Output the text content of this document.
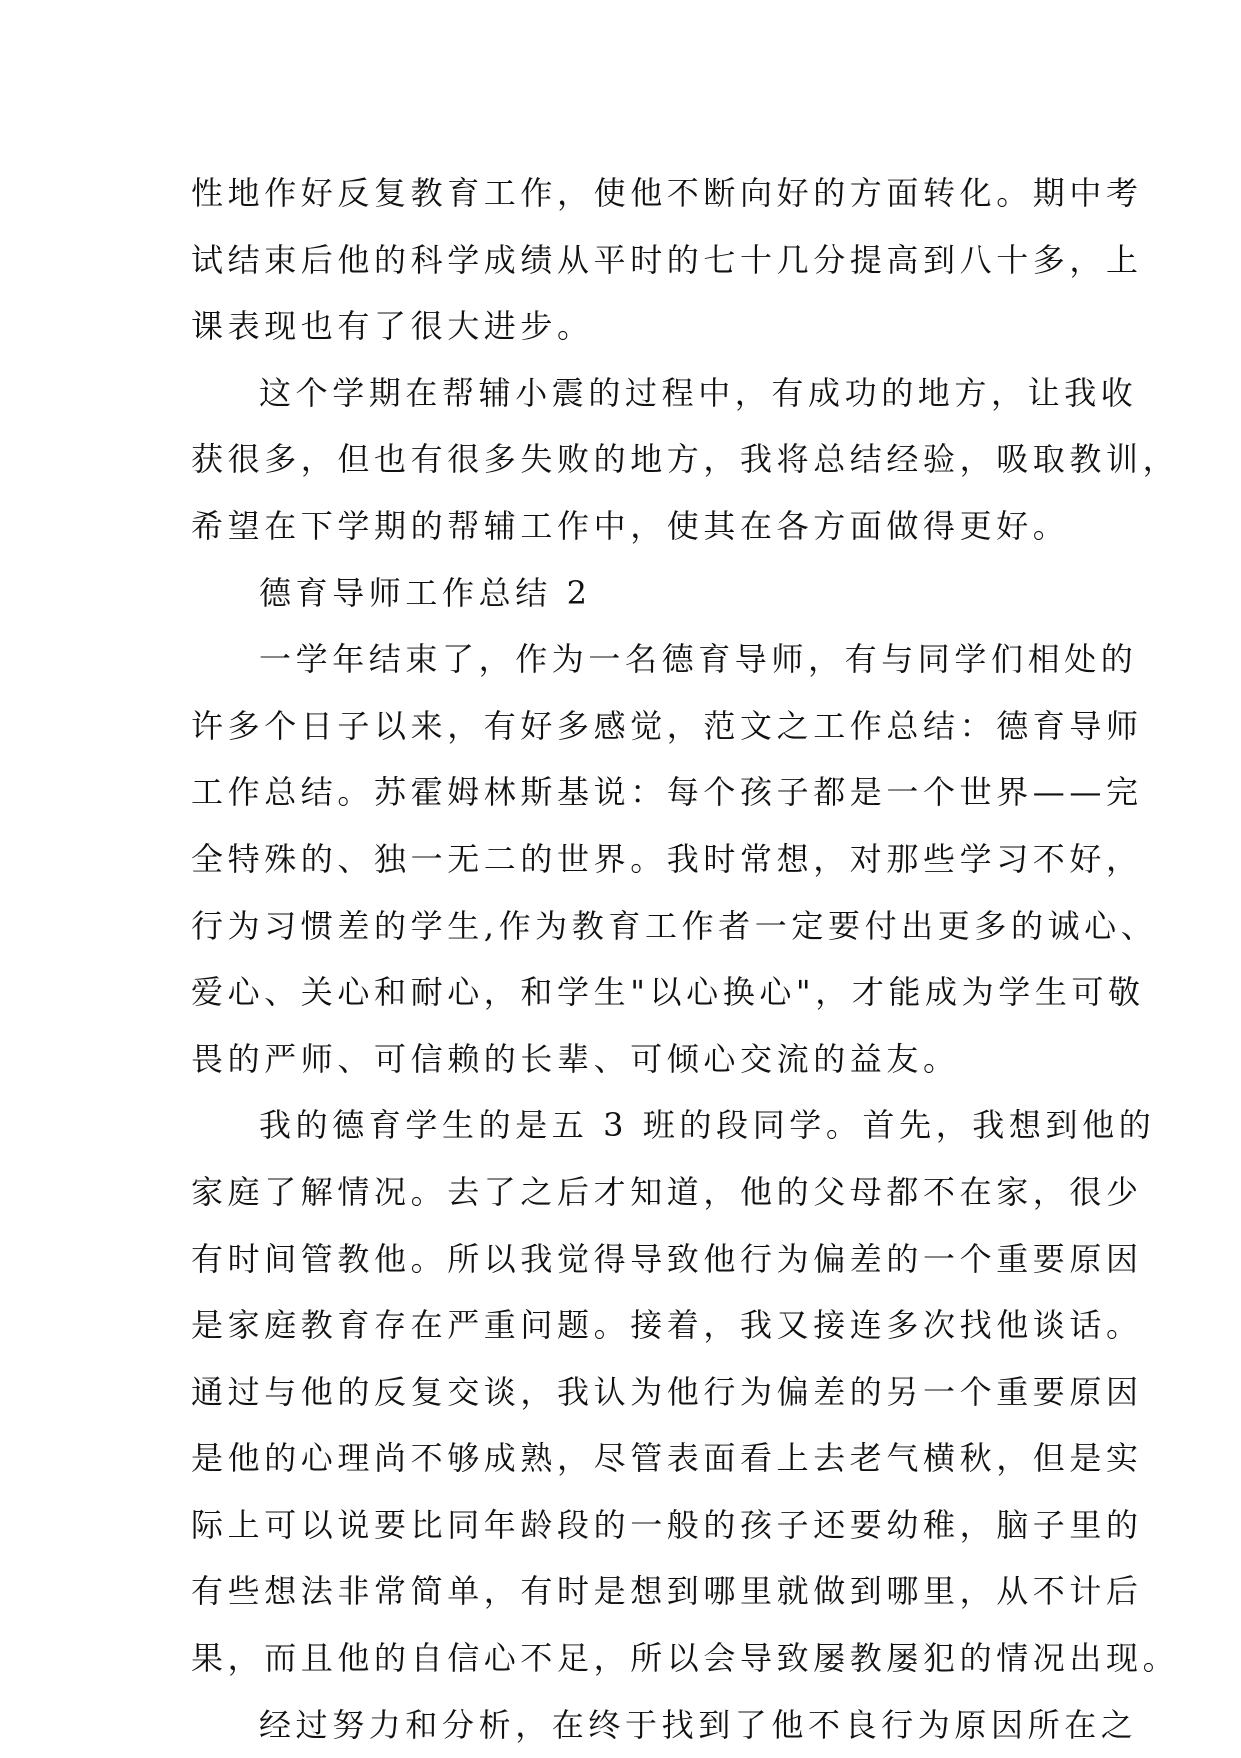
性地作好反复教育工作，使他不断向好的方面转化。期中考
试结束后他的科学成绩从平时的七十几分提高到八十多，上
课表现也有了很大进步。
这个学期在帮辅小震的过程中，有成功的地方，让我收
获很多，但也有很多失败的地方，我将总结经验，吸取教训，
希望在下学期的帮辅工作中，使其在各方面做得更好。
德育导师工作总结 2
一学年结束了，作为一名德育导师，有与同学们相处的
许多个日子以来，有好多感觉，范文之工作总结：德育导师
工作总结。苏霍姆林斯基说：每个孩子都是一个世界——完
全特殊的、独一无二的世界。我时常想，对那些学习不好，
行为习惯差的学生,作为教育工作者一定要付出更多的诚心、
爱心、关心和耐心，和学生"以心换心"，才能成为学生可敬
畏的严师、可信赖的长辈、可倾心交流的益友。
我的德育学生的是五 3 班的段同学。首先，我想到他的
家庭了解情况。去了之后才知道，他的父母都不在家，很少
有时间管教他。所以我觉得导致他行为偏差的一个重要原因
是家庭教育存在严重问题。接着，我又接连多次找他谈话。
通过与他的反复交谈，我认为他行为偏差的另一个重要原因
是他的心理尚不够成熟，尽管表面看上去老气横秋，但是实
际上可以说要比同年龄段的一般的孩子还要幼稚，脑子里的
有些想法非常简单，有时是想到哪里就做到哪里，从不计后
果，而且他的自信心不足，所以会导致屡教屡犯的情况出现。
经过努力和分析，在终于找到了他不良行为原因所在之
